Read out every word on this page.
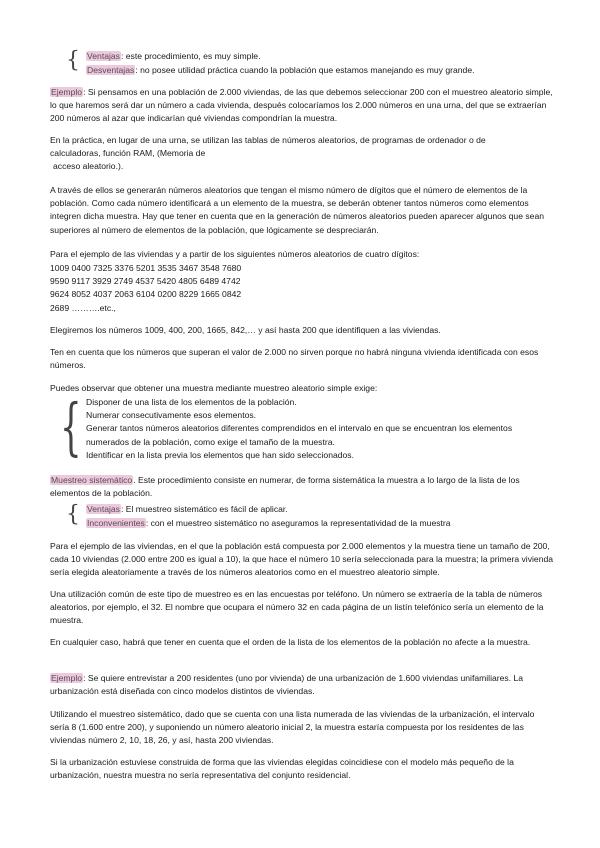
{ Ventajas: este procedimiento, es muy simple.

Desventajas: no posee utilidad práctica cuando la población que estamos manejando es muy grande.

Ejemplo: Si pensamos en una población de 2.000 viviendas, de las que debemos seleccionar 200 con el muestreo aleatorio simple, lo que haremos será dar un número a cada vivienda, después colocaríamos los 2.000 números en una urna, del que se extraerían 200 números al azar que indicarían qué viviendas compondrían la muestra.

En la práctica, en lugar de una urna, se utilizan las tablas de números aleatorios, de programas de ordenador o de calculadoras, función RAM, (Memoria de

acceso aleatorio.).

A través de ellos se generarán números aleatorios que tengan el mismo número de dígitos que el número de elementos de la población. Como cada número identificará a un elemento de la muestra, se deberán obtener tantos números como elementos integren dicha muestra. Hay que tener en cuenta que en la generación de números aleatorios pueden aparecer algunos que sean superiores al número de elementos de la población, que lógicamente se despreciarán.

Para el ejemplo de las viviendas y a partir de los siguientes números aleatorios de cuatro dígitos:

1009 0400 7325 3376 5201 3535 3467 3548 7680
9590 9117 3929 2749 4537 5420 4805 6489 4742
9624 8052 4037 2063 6104 0200 8229 1665 0842
2689 ……….etc.,

Elegiremos los números 1009, 400, 200, 1665, 842,… y así hasta 200 que identifiquen a las viviendas.

Ten en cuenta que los números que superan el valor de 2.000 no sirven porque no habrá ninguna vivienda identificada con esos números.

Puedes observar que obtener una muestra mediante muestreo aleatorio simple exige:

{ Disponer de una lista de los elementos de la población.
Numerar consecutivamente esos elementos.
Generar tantos números aleatorios diferentes comprendidos en el intervalo en que se encuentran los elementos
numerados de la población, como exige el tamaño de la muestra.
Identificar en la lista previa los elementos que han sido seleccionados.

Muestreo sistemático. Este procedimiento consiste en numerar, de forma sistemática la muestra a lo largo de la lista de los elementos de la población.

{ Ventajas: El muestreo sistemático es fácil de aplicar.

Inconvenientes: con el muestreo sistemático no aseguramos la representatividad de la muestra

Para el ejemplo de las viviendas, en el que la población está compuesta por 2.000 elementos y la muestra tiene un tamaño de 200, cada 10 viviendas (2.000 entre 200 es igual a 10), la que hace el número 10 sería seleccionada para la muestra; la primera vivienda sería elegida aleatoriamente a través de los números aleatorios como en el muestreo aleatorio simple.

Una utilización común de este tipo de muestreo es en las encuestas por teléfono. Un número se extraería de la tabla de números aleatorios, por ejemplo, el 32. El nombre que ocupara el número 32 en cada página de un listín telefónico sería un elemento de la muestra.

En cualquier caso, habrá que tener en cuenta que el orden de la lista de los elementos de la población no afecte a la muestra.

Ejemplo: Se quiere entrevistar a 200 residentes (uno por vivienda) de una urbanización de 1.600 viviendas unifamiliares. La urbanización está diseñada con cinco modelos distintos de viviendas.

Utilizando el muestreo sistemático, dado que se cuenta con una lista numerada de las viviendas de la urbanización, el intervalo sería 8 (1.600 entre 200), y suponiendo un número aleatorio inicial 2, la muestra estaría compuesta por los residentes de las viviendas número 2, 10, 18, 26, y así, hasta 200 viviendas.

Si la urbanización estuviese construida de forma que las viviendas elegidas coincidiese con el modelo más pequeño de la urbanización, nuestra muestra no sería representativa del conjunto residencial.
